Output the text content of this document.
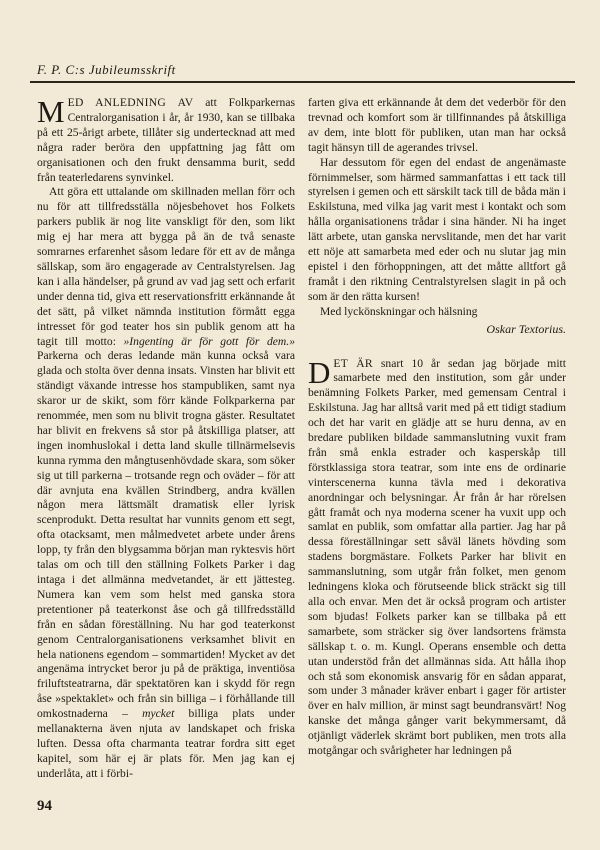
F. P. C:s Jubileumsskrift

M ED ANLEDNING AV att Folkparkernas Centralorganisation i år, år 1930, kan se tillbaka på ett 25-årigt arbete, tillåter sig undertecknad att med några rader beröra den uppfattning jag fått om organisationen och den frukt densamma burit, sedd från teaterledarens synvinkel.

Att göra ett uttalande om skillnaden mellan förr och nu för att tillfredsställa nöjesbehovet hos Folkets parkers publik är nog lite vanskligt för den, som likt mig ej har mera att bygga på än de två senaste somrarnes erfarenhet såsom ledare för ett av de många sällskap, som äro engagerade av Centralstyrelsen. Jag kan i alla händelser, på grund av vad jag sett och erfarit under denna tid, giva ett reservationsfritt erkännande åt det sätt, på vilket nämnda institution förmått egga intresset för god teater hos sin publik genom att ha tagit till motto: »Ingenting är för gott för dem.» Parkerna och deras ledande män kunna också vara glada och stolta över denna insats. Vinsten har blivit ett ständigt växande intresse hos stampubliken, samt nya skaror ur de skikt, som förr kände Folkparkerna par renommée, men som nu blivit trogna gäster. Resultatet har blivit en frekvens så stor på åtskilliga platser, att ingen inomhuslokal i detta land skulle tillnärmelsevis kunna rymma den mångtusenhövdade skara, som söker sig ut till parkerna – trotsande regn och oväder – för att där avnjuta ena kvällen Strindberg, andra kvällen någon mera lättsmält dramatisk eller lyrisk scenprodukt. Detta resultat har vunnits genom ett segt, ofta otacksamt, men målmedvetet arbete under årens lopp, ty från den blygsamma början man ryktesvis hört talas om och till den ställning Folkets Parker i dag intaga i det allmänna medvetandet, är ett jättesteg. Numera kan vem som helst med ganska stora pretentioner på teaterkonst åse och gå tillfredsställd från en sådan föreställning. Nu har god teaterkonst genom Centralorganisationens verksamhet blivit en hela nationens egendom – sommartiden! Mycket av det angenäma intrycket beror ju på de präktiga, inventiösa friluftsteatrarna, där spektatören kan i skydd för regn åse »spektaklet» och från sin billiga – i förhållande till omkostnaderna – mycket billiga plats under mellanakterna även njuta av landskapet och friska luften. Dessa ofta charmanta teatrar fordra sitt eget kapitel, som här ej är plats för. Men jag kan ej underlåta, att i förbi-

farten giva ett erkännande åt dem det vederbör för den trevnad och komfort som är tillfinnandes på åtskilliga av dem, inte blott för publiken, utan man har också tagit hänsyn till de agerandes trivsel.

Har dessutom för egen del endast de angenämaste förnimmelser, som härmed sammanfattas i ett tack till styrelsen i gemen och ett särskilt tack till de båda män i Eskilstuna, med vilka jag varit mest i kontakt och som hålla organisationens trådar i sina händer. Ni ha inget lätt arbete, utan ganska nervslitande, men det har varit ett nöje att samarbeta med eder och nu slutar jag min epistel i den förhoppningen, att det måtte alltfort gå framåt i den riktning Centralstyrelsen slagit in på och som är den rätta kursen!

Med lyckönskningar och hälsning

Oskar Textorius.

D ET ÄR snart 10 år sedan jag började mitt samarbete med den institution, som går under benämning Folkets Parker, med gemensam Central i Eskilstuna. Jag har alltså varit med på ett tidigt stadium och det har varit en glädje att se huru denna, av en bredare publiken bildade sammanslutning vuxit fram från små enkla estrader och kasperskåp till förstklassiga stora teatrar, som inte ens de ordinarie vinterscenerna kunna tävla med i dekorativa anordningar och belysningar. År från år har rörelsen gått framåt och nya moderna scener ha vuxit upp och samlat en publik, som omfattar alla partier. Jag har på dessa föreställningar sett såväl länets hövding som stadens borgmästare. Folkets Parker har blivit en sammanslutning, som utgår från folket, men genom ledningens kloka och förutseende blick sträckt sig till alla och envar. Men det är också program och artister som bjudas! Folkets parker kan se tillbaka på ett samarbete, som sträcker sig över landsortens främsta sällskap t. o. m. Kungl. Operans ensemble och detta utan understöd från det allmännas sida. Att hålla ihop och stå som ekonomisk ansvarig för en sådan apparat, som under 3 månader kräver enbart i gager för artister över en halv million, är minst sagt beundransvärt! Nog kanske det många gånger varit bekymmersamt, då otjänligt väderlek skrämt bort publiken, men trots alla motgångar och svårigheter har ledningen på

94
